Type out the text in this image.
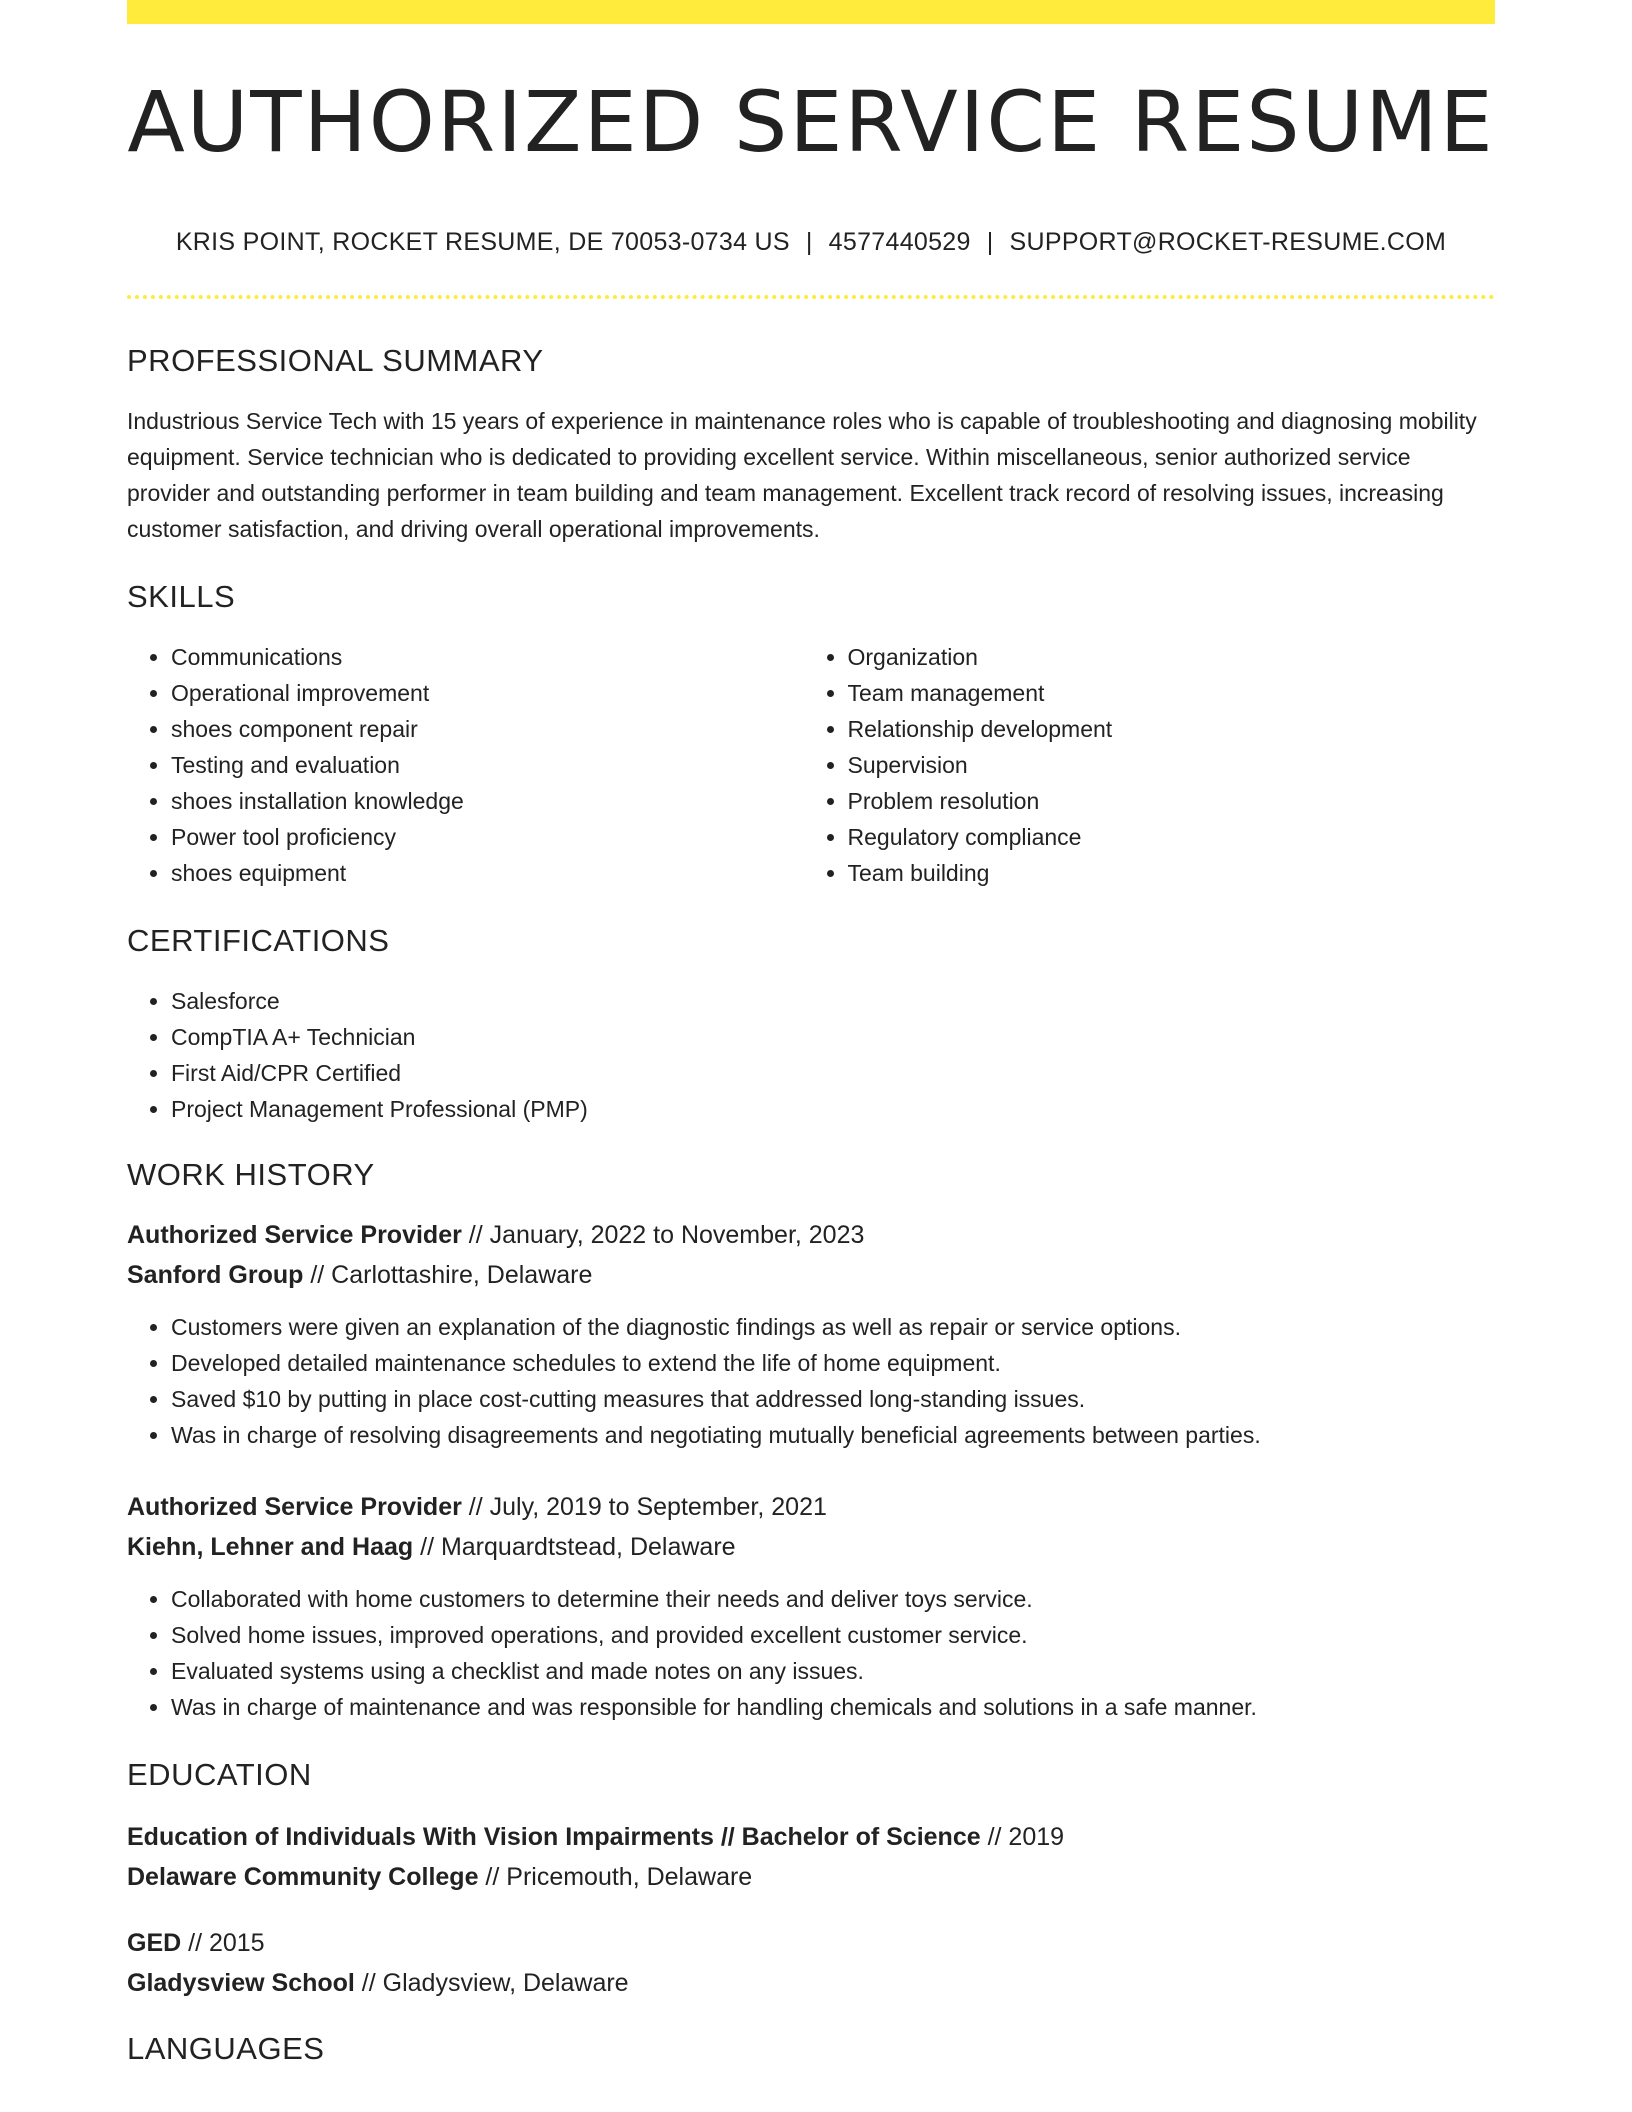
AUTHORIZED SERVICE RESUME
KRIS POINT, ROCKET RESUME, DE 70053-0734 US | 4577440529 | SUPPORT@ROCKET-RESUME.COM
PROFESSIONAL SUMMARY
Industrious Service Tech with 15 years of experience in maintenance roles who is capable of troubleshooting and diagnosing mobility equipment. Service technician who is dedicated to providing excellent service. Within miscellaneous, senior authorized service provider and outstanding performer in team building and team management. Excellent track record of resolving issues, increasing customer satisfaction, and driving overall operational improvements.
SKILLS
• Communications
• Operational improvement
• shoes component repair
• Testing and evaluation
• shoes installation knowledge
• Power tool proficiency
• shoes equipment
• Organization
• Team management
• Relationship development
• Supervision
• Problem resolution
• Regulatory compliance
• Team building
CERTIFICATIONS
• Salesforce
• CompTIA A+ Technician
• First Aid/CPR Certified
• Project Management Professional (PMP)
WORK HISTORY
Authorized Service Provider // January, 2022 to November, 2023
Sanford Group // Carlottashire, Delaware
• Customers were given an explanation of the diagnostic findings as well as repair or service options.
• Developed detailed maintenance schedules to extend the life of home equipment.
• Saved $10 by putting in place cost-cutting measures that addressed long-standing issues.
• Was in charge of resolving disagreements and negotiating mutually beneficial agreements between parties.
Authorized Service Provider // July, 2019 to September, 2021
Kiehn, Lehner and Haag // Marquardtstead, Delaware
• Collaborated with home customers to determine their needs and deliver toys service.
• Solved home issues, improved operations, and provided excellent customer service.
• Evaluated systems using a checklist and made notes on any issues.
• Was in charge of maintenance and was responsible for handling chemicals and solutions in a safe manner.
EDUCATION
Education of Individuals With Vision Impairments // Bachelor of Science // 2019
Delaware Community College // Pricemouth, Delaware
GED // 2015
Gladysview School // Gladysview, Delaware
LANGUAGES
